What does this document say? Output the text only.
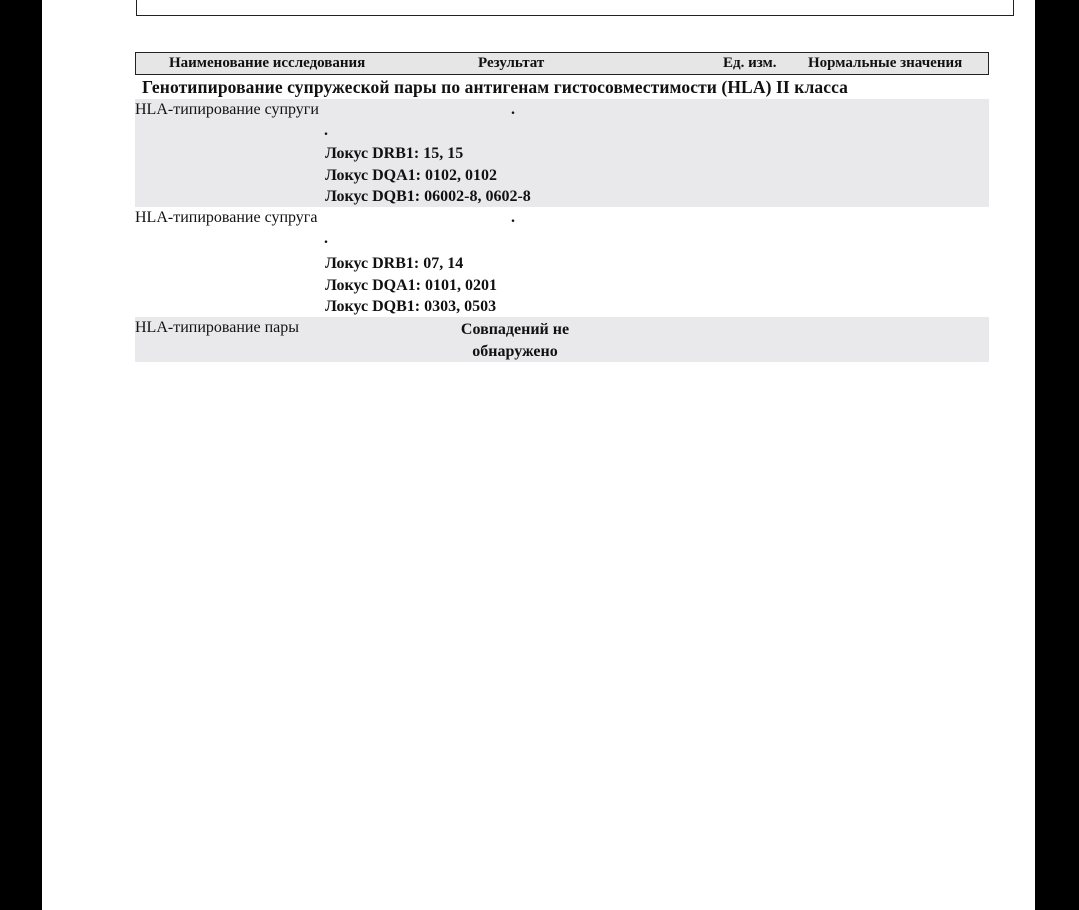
Наименование исследования	Результат	Ед. изм. Нормальные значения
Генотипирование супружеской пары по антигенам гистосовместимости (HLA) II класса
HLA-типирование супруги	.
.
Локус DRB1: 15, 15
Локус DQA1: 0102, 0102
Локус DQB1: 06002-8, 0602-8
HLA-типирование супруга	.
.
Локус DRB1: 07, 14
Локус DQA1: 0101, 0201
Локус DQB1: 0303, 0503
HLA-типирование пары	Совпадений не
обнаружено
